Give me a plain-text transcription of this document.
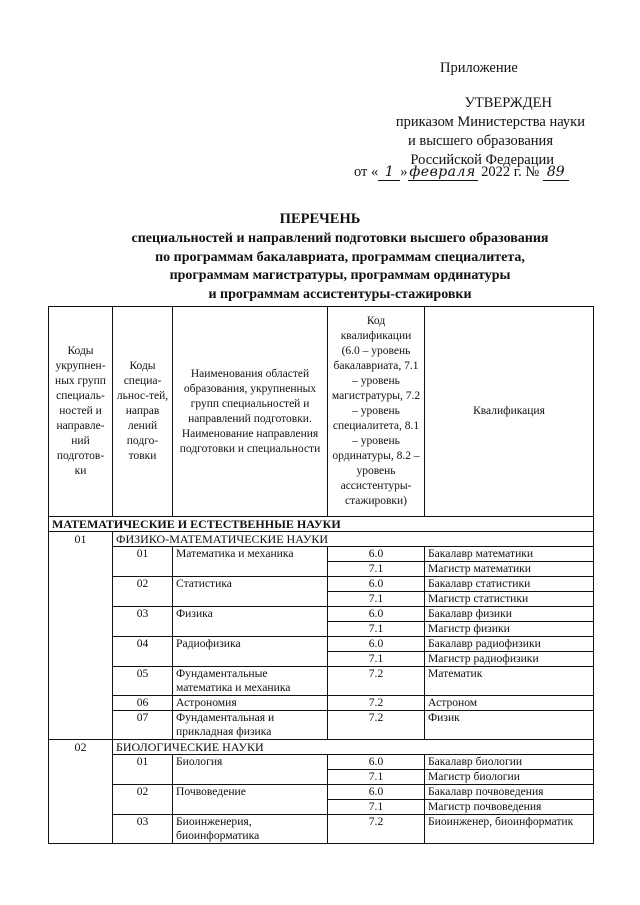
Приложение
УТВЕРЖДЕН
приказом Министерства науки
и высшего образования
Российской Федерации
от « 1 » февраля 2022 г. № 89
ПЕРЕЧЕНЬ
специальностей и направлений подготовки высшего образования
по программам бакалавриата, программам специалитета,
программам магистратуры, программам ординатуры
и программам ассистентуры-стажировки
Коды укрупнен-ных групп специаль-ностей и направле-ний подготов-ки	Коды специа-льнос-тей, направ лений подго-товки	Наименования областей образования, укрупненных групп специальностей и направлений подготовки. Наименование направления подготовки и специальности	Код квалификации (6.0 – уровень бакалавриата, 7.1 – уровень магистратуры, 7.2 – уровень специалитета, 8.1 – уровень ординатуры, 8.2 – уровень ассистентуры-стажировки)	Квалификация
МАТЕМАТИЧЕСКИЕ И ЕСТЕСТВЕННЫЕ НАУКИ				
01	ФИЗИКО-МАТЕМАТИЧЕСКИЕ НАУКИ			
	01	Математика и механика	6.0	Бакалавр математики
			7.1	Магистр математики
	02	Статистика	6.0	Бакалавр статистики
			7.1	Магистр статистики
	03	Физика	6.0	Бакалавр физики
			7.1	Магистр физики
	04	Радиофизика	6.0	Бакалавр радиофизики
			7.1	Магистр радиофизики
	05	Фундаментальные математика и механика	7.2	Математик
	06	Астрономия	7.2	Астроном
	07	Фундаментальная и прикладная физика	7.2	Физик
02	БИОЛОГИЧЕСКИЕ НАУКИ			
	01	Биология	6.0	Бакалавр биологии
			7.1	Магистр биологии
	02	Почвоведение	6.0	Бакалавр почвоведения
			7.1	Магистр почвоведения
	03	Биоинженерия, биоинформатика	7.2	Биоинженер, биоинформатик
